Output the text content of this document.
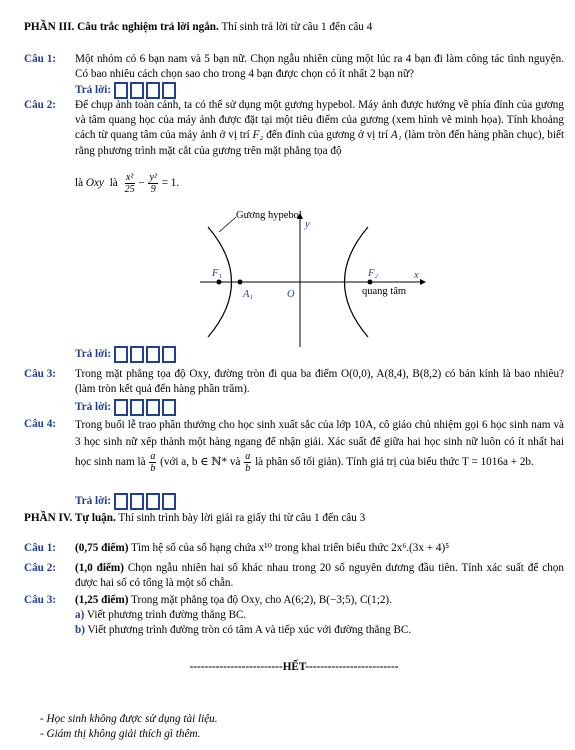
PHẦN III. Câu trắc nghiệm trả lời ngắn. Thí sinh trả lời từ câu 1 đến câu 4
Câu 1: Một nhóm có 6 bạn nam và 5 bạn nữ. Chọn ngẫu nhiên cùng một lúc ra 4 bạn đi làm công tác tình nguyện. Có bao nhiêu cách chọn sao cho trong 4 bạn được chọn có ít nhất 2 bạn nữ?
Trả lời:
Câu 2: Để chụp ảnh toàn cảnh, ta có thể sử dụng một gương hypebol. Máy ảnh được hướng về phía đỉnh của gương và tâm quang học của máy ảnh được đặt tại một tiêu điểm của gương (xem hình vẽ minh họa). Tính khoảng cách từ quang tâm của máy ảnh ở vị trí F₂ đến đỉnh của gương ở vị trí A₁ (làm tròn đến hàng phần chục), biết rằng phương trình mặt cắt của gương trên mặt phẳng tọa độ
là Oxy là $\frac{\text{x²}}{25} - \frac{\text{y²}}{9} = 1$.
Gương hypebol
y
x
F₁	F₂
A₁	O	quang tâm
Trả lời:
Câu 3: Trong mặt phẳng tọa độ Oxy, đường tròn đi qua ba điểm O(0,0), A(8,4), B(8,2) có bán kính là bao nhiêu? (làm tròn kết quả đến hàng phần trăm).
Trả lời:
Câu 4: Trong buổi lễ trao phần thưởng cho học sinh xuất sắc của lớp 10A, cô giáo chủ nhiệm gọi 6 học sinh nam và 3 học sinh nữ xếp thành một hàng ngang để nhận giải. Xác suất để giữa hai học sinh nữ luôn có ít nhất hai học sinh nam là $\frac{a}{b}$ (với a, b ∈ ℕ* và $\frac{a}{b}$ là phân số tối giản). Tính giá trị của biểu thức T = 1016a + 2b.
Trả lời:
PHẦN IV. Tự luận. Thí sinh trình bày lời giải ra giấy thi từ câu 1 đến câu 3
Câu 1: (0,75 điểm) Tìm hệ số của số hạng chứa x¹⁰ trong khai triển biểu thức 2x⁶.(3x + 4)⁵
Câu 2: (1,0 điểm) Chọn ngẫu nhiên hai số khác nhau trong 20 số nguyên dương đầu tiên. Tính xác suất để chọn được hai số có tổng là một số chẵn.
Câu 3: (1,25 điểm) Trong mặt phẳng tọa độ Oxy, cho A(6;2), B(−3;5), C(1;2).
a) Viết phương trình đường thẳng BC.
b) Viết phương trình đường tròn có tâm A và tiếp xúc với đường thẳng BC.
-------------------------HẾT-------------------------
- Học sinh không được sử dụng tài liệu.
- Giám thị không giải thích gì thêm.
